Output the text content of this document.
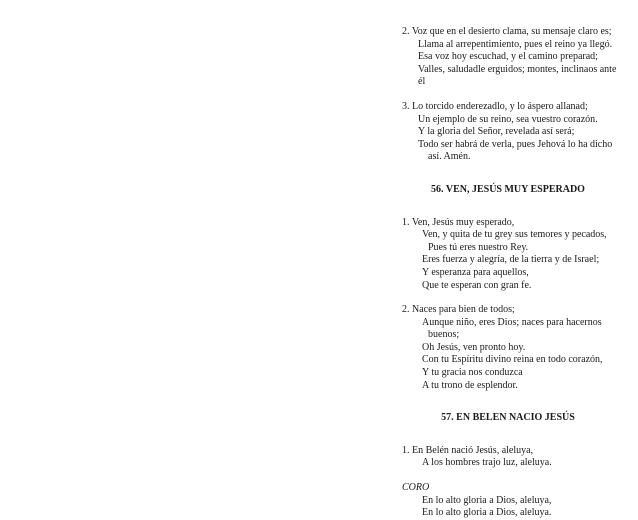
2. Voz que en el desierto clama, su mensaje claro es;
Llama al arrepentimiento, pues el reino ya llegó.
Esa voz hoy escuchad, y el camino preparad;
Valles, saludadle erguidos; montes, inclinaos ante
él
3. Lo torcido enderezadlo, y lo áspero allanad;
Un ejemplo de su reino, sea vuestro corazón.
Y la gloria del Señor, revelada así será;
Todo ser habrá de verla, pues Jehová lo ha dicho
así. Amén.
56. VEN, JESÚS MUY ESPERADO
1. Ven, Jesús muy esperado,
Ven, y quita de tu grey sus temores y pecados,
Pues tú eres nuestro Rey.
Eres fuerza y alegría, de la tierra y de Israel;
Y esperanza para aquellos,
Que te esperan con gran fe.
2. Naces para bien de todos;
Aunque niño, eres Dios; naces para hacernos
buenos;
Oh Jesús, ven pronto hoy.
Con tu Espíritu divino reina en todo corazón,
Y tu gracia nos conduzca
A tu trono de esplendor.
57. EN BELEN NACIO JESÚS
1. En Belén nació Jesús, aleluya,
A los hombres trajo luz, aleluya.
CORO
En lo alto gloria a Dios, aleluya,
En lo alto gloria a Dios, aleluya.
